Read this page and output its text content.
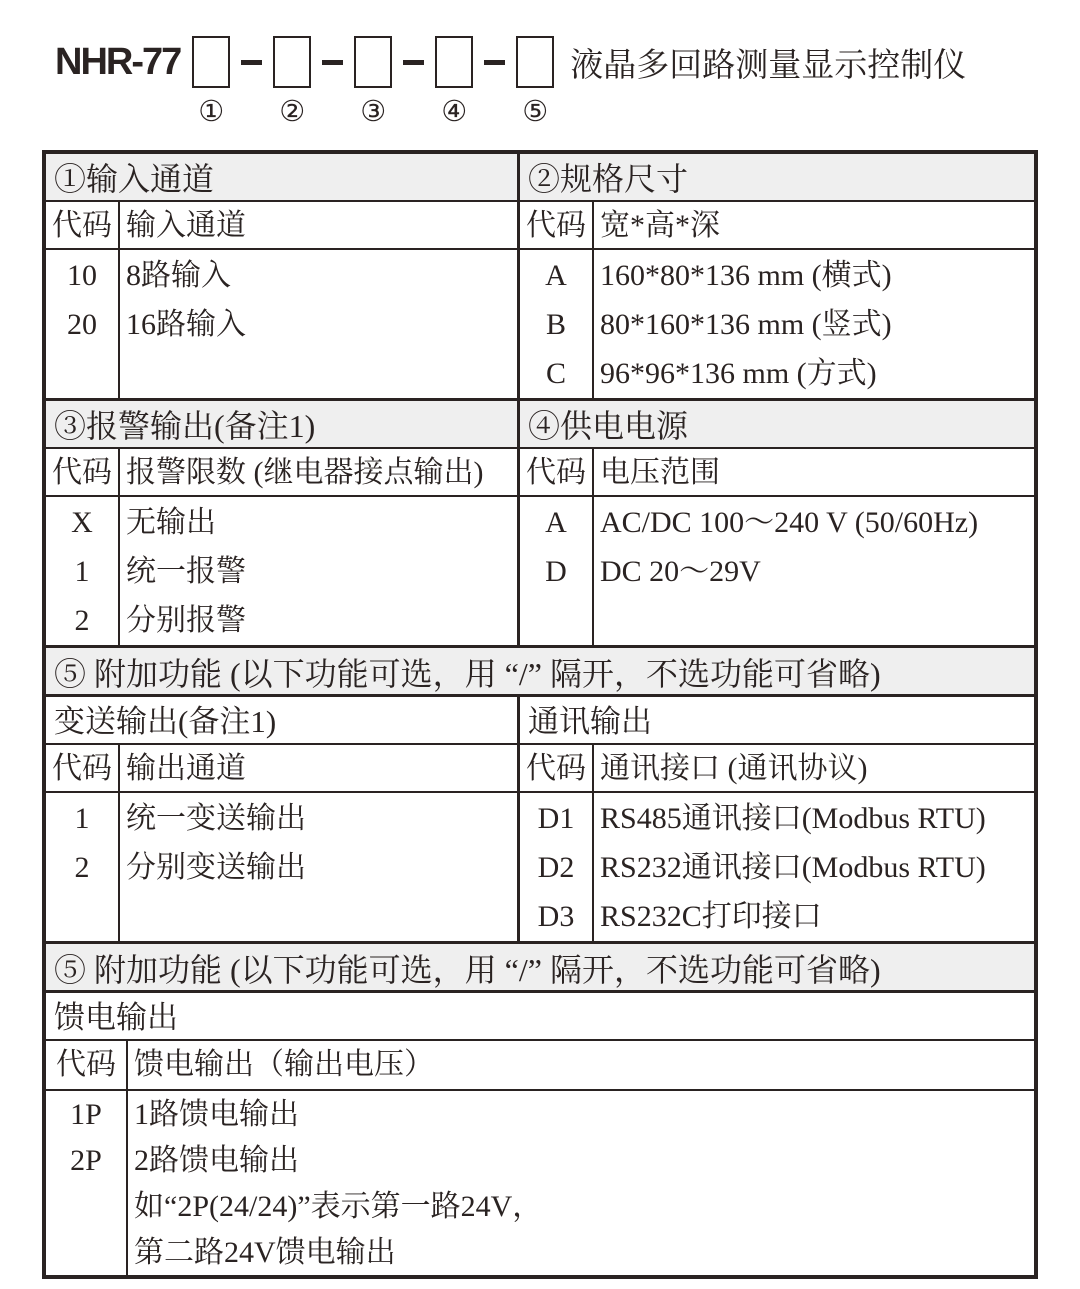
NHR-77
① ② ③ ④ ⑤
液晶多回路测量显示控制仪
①输入通道
代码 输入通道
10
20
8路输入
16路输入
②规格尺寸
代码 宽*高*深
A
B
C
160*80*136 mm (横式)
80*160*136 mm (竖式)
96*96*136 mm (方式)
③报警输出(备注1)
代码 报警限数 (继电器接点输出)
X
1
2
无输出
统一报警
分别报警
④供电电源
代码 电压范围
A
D
AC/DC 100～240 V (50/60Hz)
DC 20～29V
⑤ 附加功能 (以下功能可选，用 “/” 隔开，不选功能可省略)
变送输出(备注1)
代码 输出通道
1
2
统一变送输出
分别变送输出
通讯输出
代码 通讯接口 (通讯协议)
D1
D2
D3
RS485通讯接口(Modbus RTU)
RS232通讯接口(Modbus RTU)
RS232C打印接口
⑤ 附加功能 (以下功能可选，用 “/” 隔开，不选功能可省略)
馈电输出
代码 馈电输出（输出电压）
1P
2P
1路馈电输出
2路馈电输出
如“2P(24/24)”表示第一路24V，
第二路24V馈电输出
